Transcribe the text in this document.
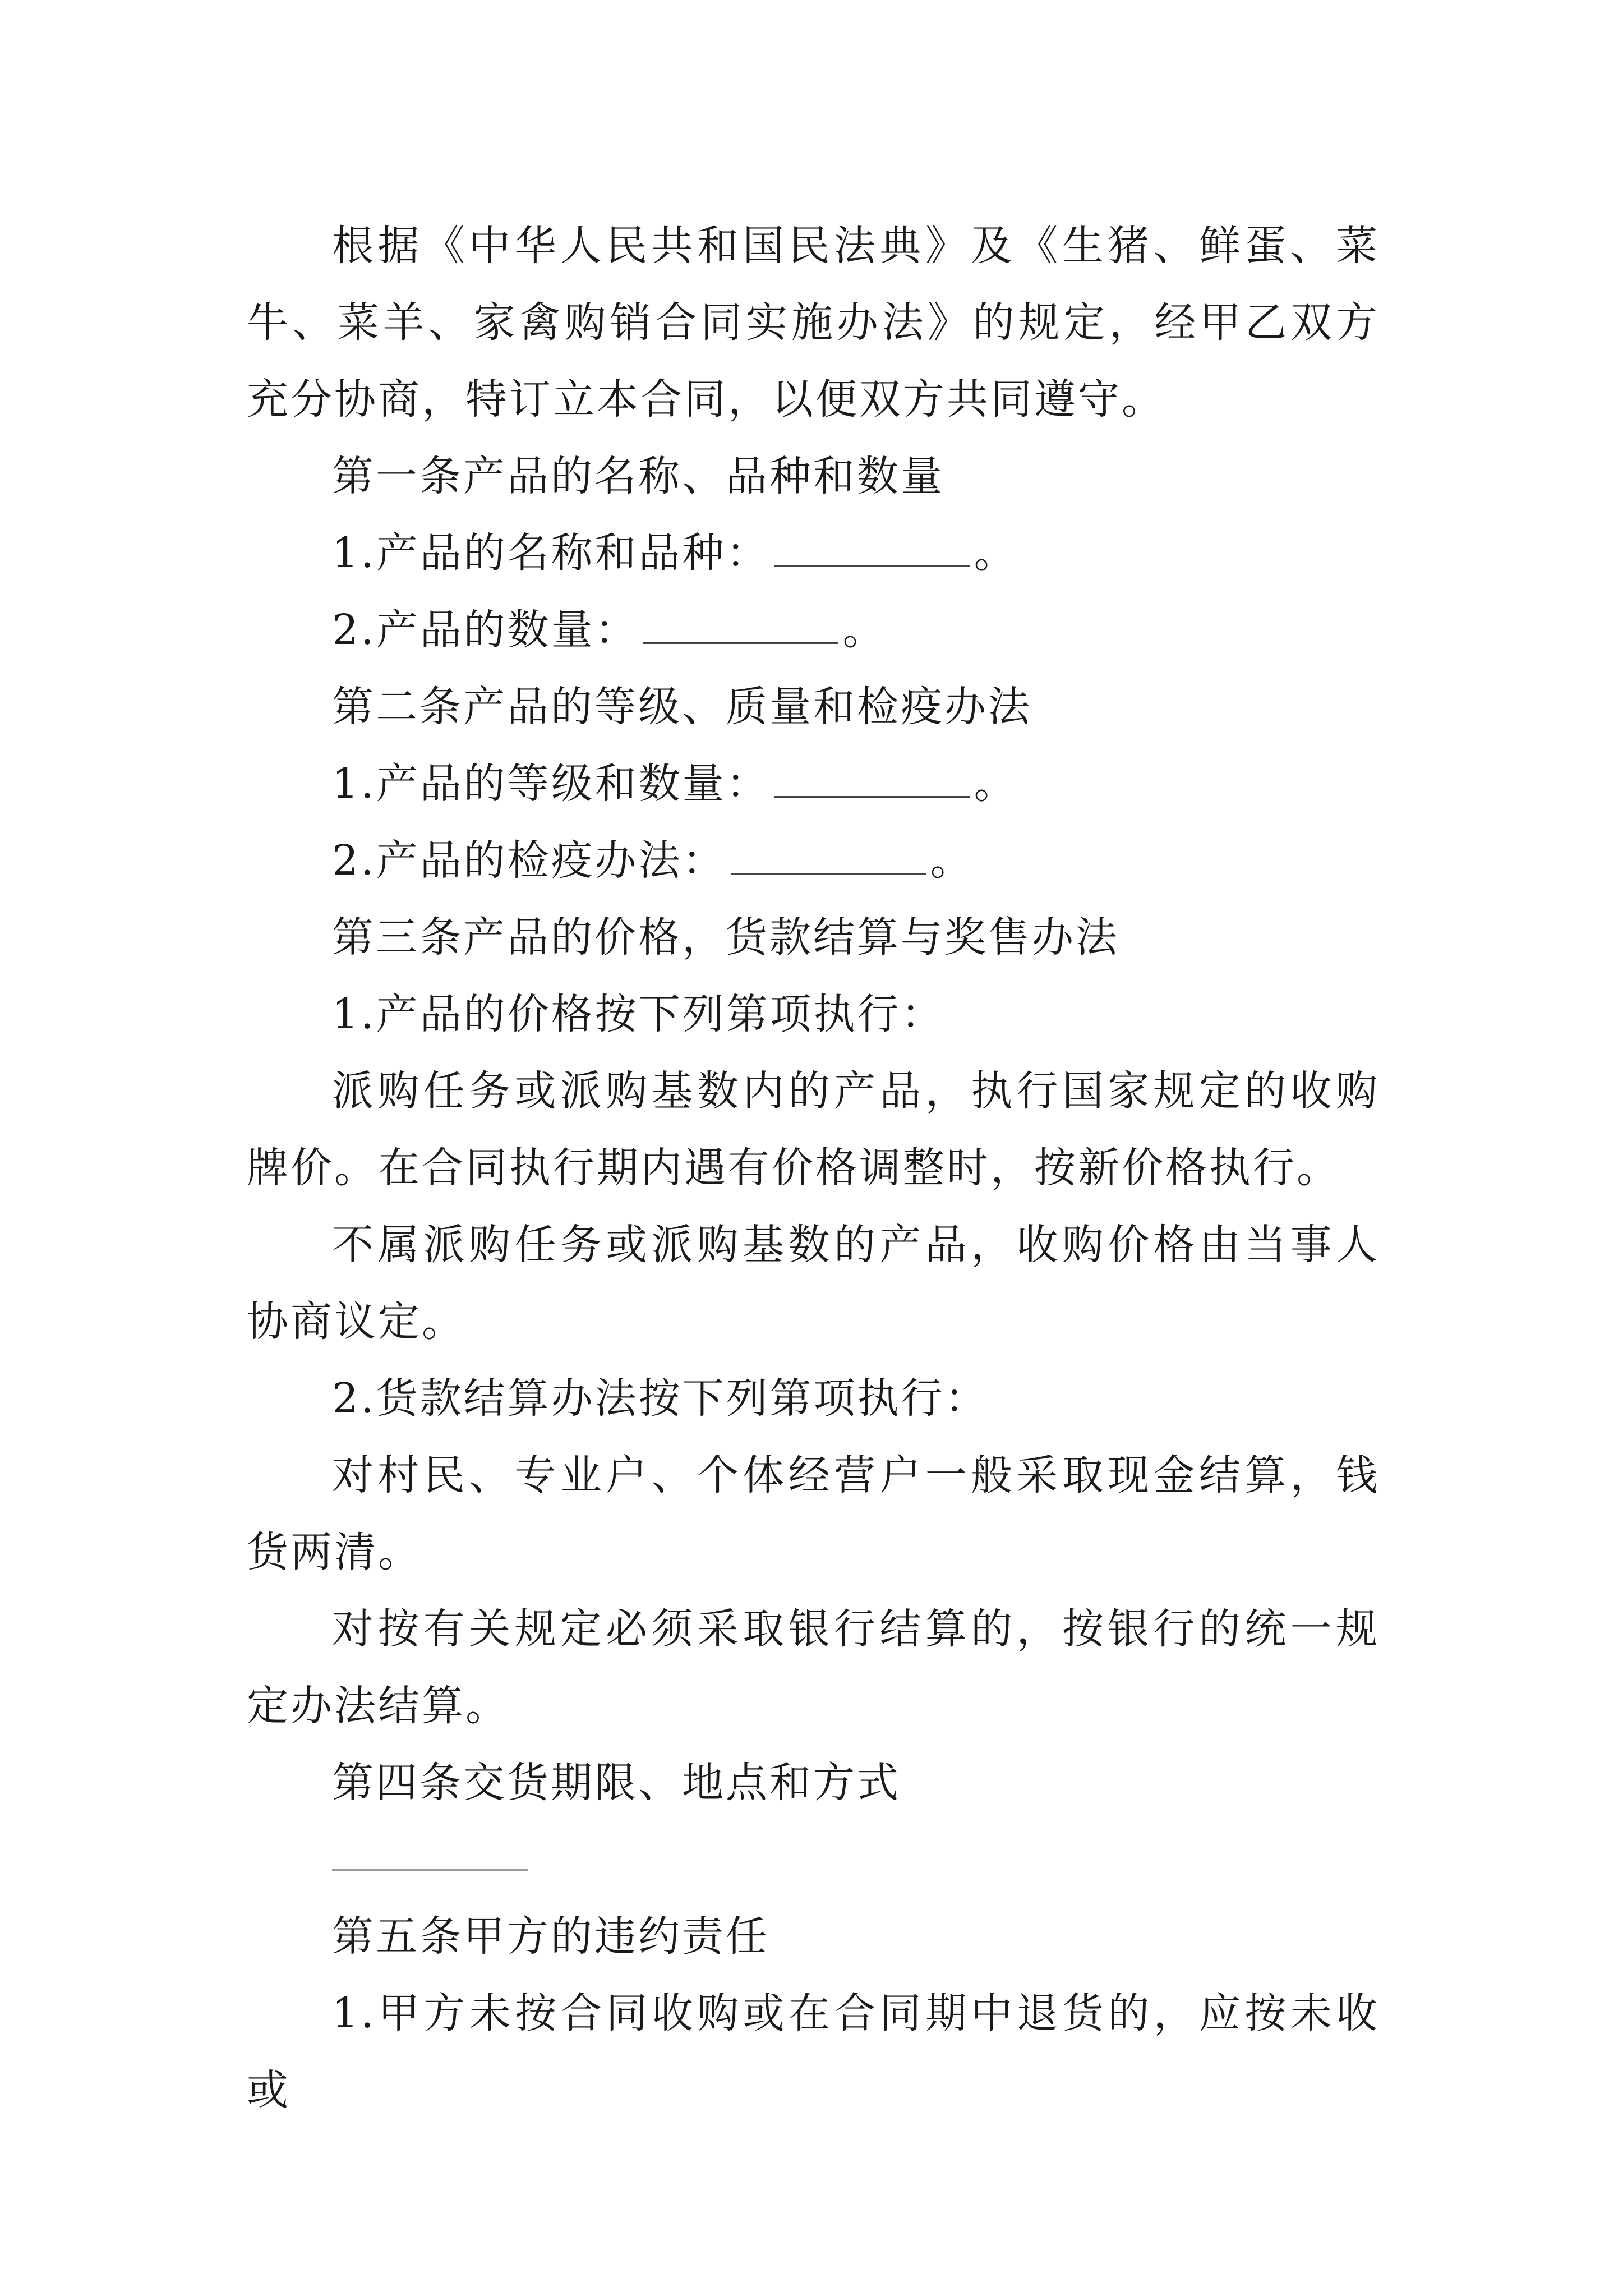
根据《中华人民共和国民法典》及《生猪、鲜蛋、菜牛、菜羊、家禽购销合同实施办法》的规定，经甲乙双方充分协商，特订立本合同，以便双方共同遵守。

第一条产品的名称、品种和数量

1.产品的名称和品种：	。

2.产品的数量：	。

第二条产品的等级、质量和检疫办法

1.产品的等级和数量：	。

2.产品的检疫办法：	。

第三条产品的价格，货款结算与奖售办法

1.产品的价格按下列第项执行：

派购任务或派购基数内的产品，执行国家规定的收购牌价。在合同执行期内遇有价格调整时，按新价格执行。

不属派购任务或派购基数的产品，收购价格由当事人协商议定。

2.货款结算办法按下列第项执行：

对村民、专业户、个体经营户一般采取现金结算，钱货两清。

对按有关规定必须采取银行结算的，按银行的统一规定办法结算。

第四条交货期限、地点和方式

第五条甲方的违约责任

1.甲方未按合同收购或在合同期中退货的，应按未收或
